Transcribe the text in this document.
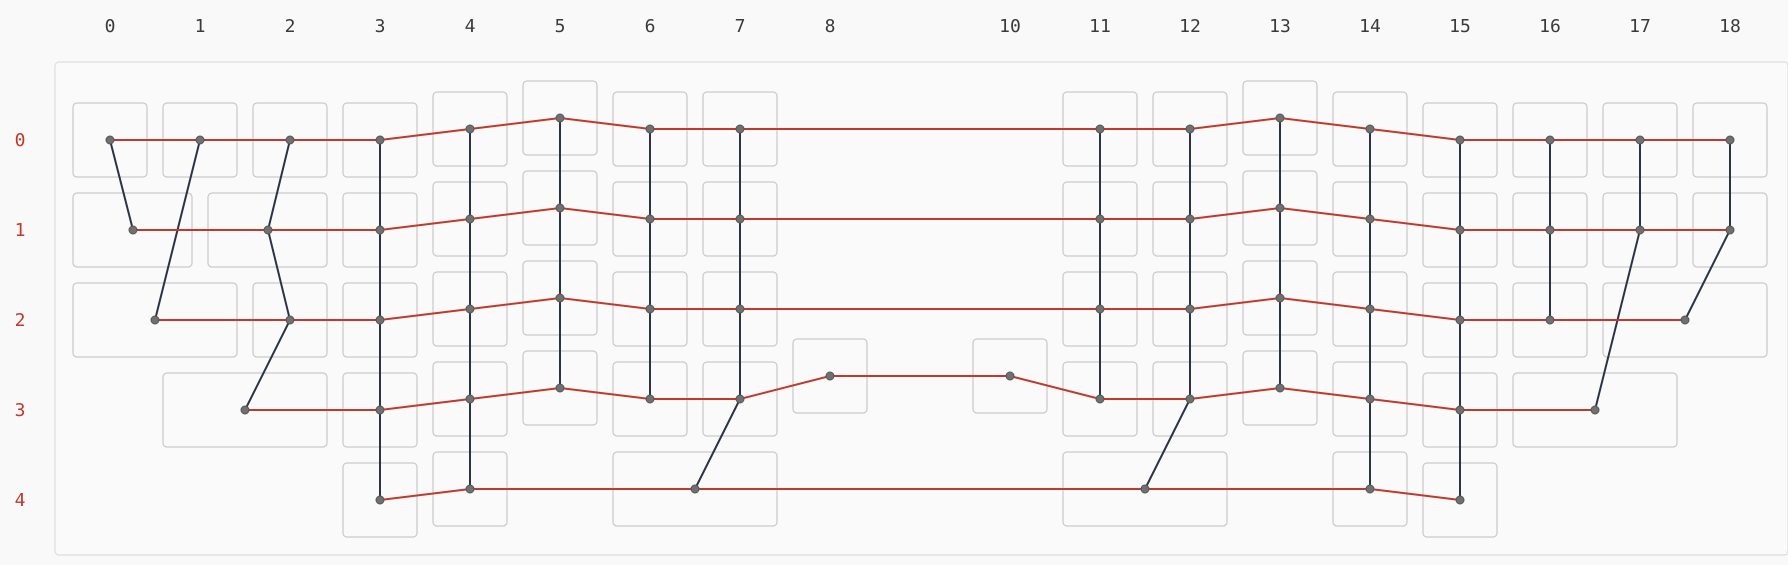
0	1	2	3	4	5	6	7	8	10	11	12	13	14	15	16	17	18
0
1
2
3
4
